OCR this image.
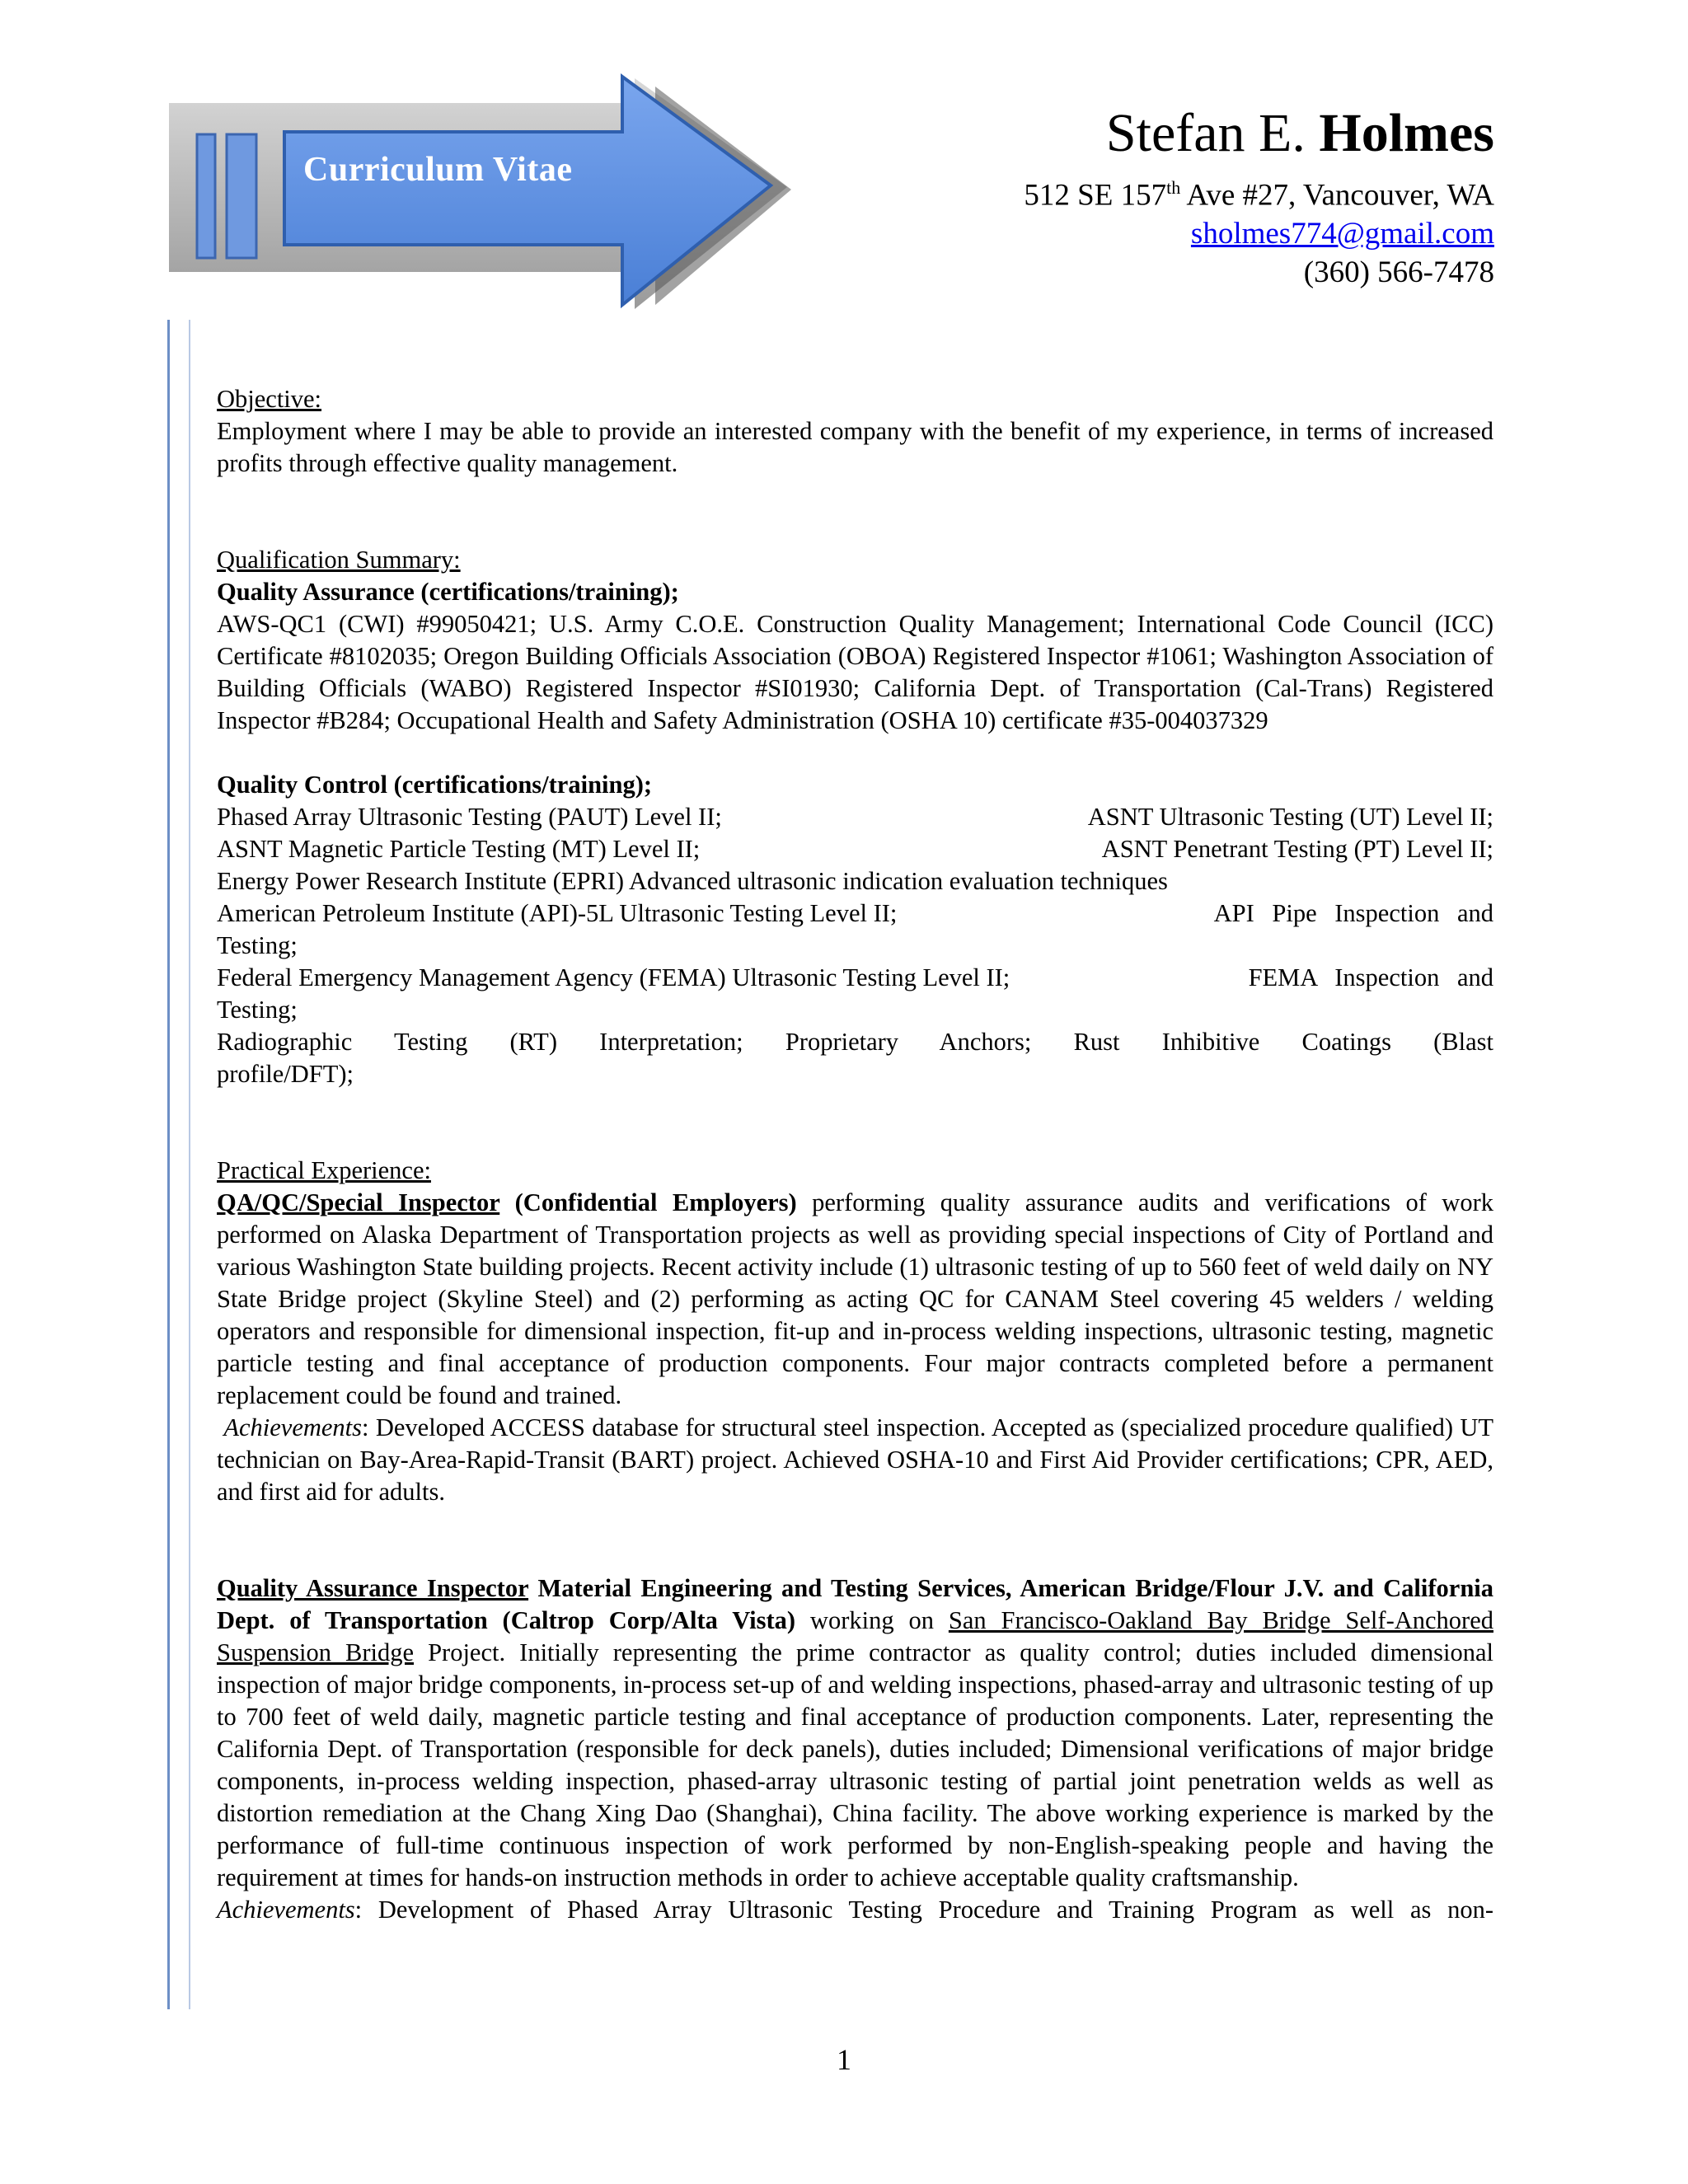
Curriculum Vitae
Stefan E. Holmes
512 SE 157th Ave #27, Vancouver, WA
sholmes774@gmail.com
(360) 566-7478

Objective:

Employment where I may be able to provide an interested company with the benefit of my experience, in terms of increased profits through effective quality management.

Qualification Summary:

Quality Assurance (certifications/training);

AWS-QC1 (CWI) #99050421; U.S. Army C.O.E. Construction Quality Management; International Code Council (ICC) Certificate #8102035; Oregon Building Officials Association (OBOA) Registered Inspector #1061; Washington Association of Building Officials (WABO) Registered Inspector #SI01930; California Dept. of Transportation (Cal-Trans) Registered Inspector #B284; Occupational Health and Safety Administration (OSHA 10) certificate #35-004037329

Quality Control (certifications/training);

Phased Array Ultrasonic Testing (PAUT) Level II;	ASNT Ultrasonic Testing (UT) Level II;
ASNT Magnetic Particle Testing (MT) Level II;	ASNT Penetrant Testing (PT) Level II;

Energy Power Research Institute (EPRI) Advanced ultrasonic indication evaluation techniques

American Petroleum Institute (API)-5L Ultrasonic Testing Level II;	API Pipe Inspection and

Testing;

Federal Emergency Management Agency (FEMA) Ultrasonic Testing Level II;	FEMA Inspection and

Testing;

Radiographic Testing (RT) Interpretation; Proprietary Anchors; Rust Inhibitive Coatings (Blast

profile/DFT);

Practical Experience:

QA/QC/Special Inspector (Confidential Employers) performing quality assurance audits and verifications of work performed on Alaska Department of Transportation projects as well as providing special inspections of City of Portland and various Washington State building projects. Recent activity include (1) ultrasonic testing of up to 560 feet of weld daily on NY State Bridge project (Skyline Steel) and (2) performing as acting QC for CANAM Steel covering 45 welders / welding operators and responsible for dimensional inspection, fit-up and in-process welding inspections, ultrasonic testing, magnetic particle testing and final acceptance of production components. Four major contracts completed before a permanent replacement could be found and trained.

Achievements: Developed ACCESS database for structural steel inspection. Accepted as (specialized procedure qualified) UT technician on Bay-Area-Rapid-Transit (BART) project. Achieved OSHA-10 and First Aid Provider certifications; CPR, AED, and first aid for adults.

Quality Assurance Inspector Material Engineering and Testing Services, American Bridge/Flour J.V. and California Dept. of Transportation (Caltrop Corp/Alta Vista) working on San Francisco-Oakland Bay Bridge Self-Anchored Suspension Bridge Project. Initially representing the prime contractor as quality control; duties included dimensional inspection of major bridge components, in-process set-up of and welding inspections, phased-array and ultrasonic testing of up to 700 feet of weld daily, magnetic particle testing and final acceptance of production components. Later, representing the California Dept. of Transportation (responsible for deck panels), duties included; Dimensional verifications of major bridge components, in-process welding inspection, phased-array ultrasonic testing of partial joint penetration welds as well as distortion remediation at the Chang Xing Dao (Shanghai), China facility. The above working experience is marked by the performance of full-time continuous inspection of work performed by non-English-speaking people and having the requirement at times for hands-on instruction methods in order to achieve acceptable quality craftsmanship.

Achievements: Development of Phased Array Ultrasonic Testing Procedure and Training Program as well as non-

1
